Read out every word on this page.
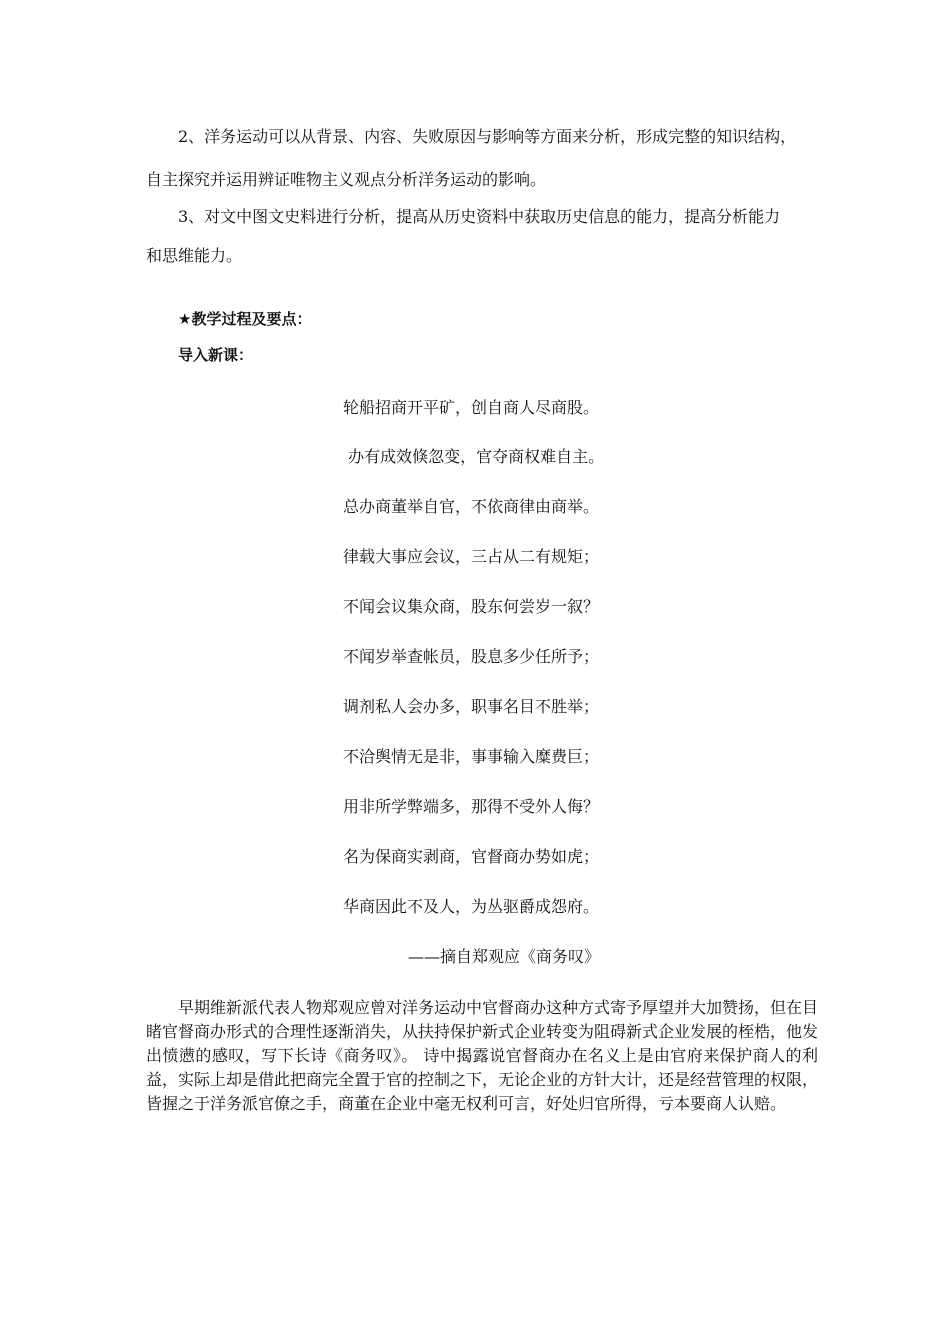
2、洋务运动可以从背景、内容、失败原因与影响等方面来分析，形成完整的知识结构，
自主探究并运用辨证唯物主义观点分析洋务运动的影响。
3、对文中图文史料进行分析，提高从历史资料中获取历史信息的能力，提高分析能力
和思维能力。
★教学过程及要点：
导入新课：
轮船招商开平矿，创自商人尽商股。
办有成效倏忽变，官夺商权难自主。
总办商董举自官，不依商律由商举。
律载大事应会议，三占从二有规矩；
不闻会议集众商，股东何尝岁一叙？
不闻岁举查帐员，股息多少任所予；
调剂私人会办多，职事名目不胜举；
不洽舆情无是非，事事输入糜费巨；
用非所学弊端多，那得不受外人侮？
名为保商实剥商，官督商办势如虎；
华商因此不及人，为丛驱爵成怨府。
——摘自郑观应《商务叹》
早期维新派代表人物郑观应曾对洋务运动中官督商办这种方式寄予厚望并大加赞扬，但在目睹官督商办形式的合理性逐渐消失，从扶持保护新式企业转变为阻碍新式企业发展的桎梏，他发出愤懑的感叹，写下长诗《商务叹》。 诗中揭露说官督商办在名义上是由官府来保护商人的利益，实际上却是借此把商完全置于官的控制之下，无论企业的方针大计，还是经营管理的权限，皆握之于洋务派官僚之手，商董在企业中毫无权利可言，好处归官所得，亏本要商人认赔。
